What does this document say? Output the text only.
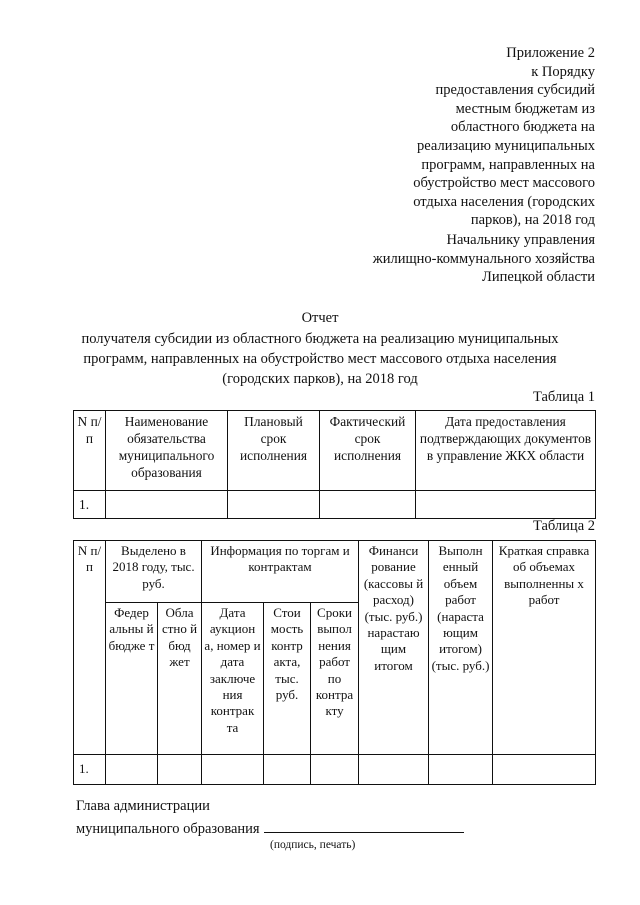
Приложение 2
к Порядку
предоставления субсидий
местным бюджетам из
областного бюджета на
реализацию муниципальных
программ, направленных на
обустройство мест массового
отдыха населения (городских
парков), на 2018 год
Начальнику управления
жилищно-коммунального хозяйства
Липецкой области
Отчет
получателя субсидии из областного бюджета на реализацию муниципальных
программ, направленных на обустройство мест массового отдыха населения
(городских парков), на 2018 год
Таблица 1
N п/п	Наименование обязательства муниципального образования	Плановый срок исполнения	Фактический срок исполнения	Дата предоставления подтверждающих документов в управление ЖКХ области
1.				
Таблица 2
N п/п	Выделено в 2018 году, тыс. руб.		Информация по торгам и контрактам			Финанси рование (кассовы й расход) (тыс. руб.) нарастаю щим итогом	Выполн енный объем работ (нараста ющим итогом) (тыс. руб.)	Краткая справка об объемах выполненны х работ
	Федер альны й бюдже т	Обла стно й бюд жет	Дата аукцион а, номер и дата заключе ния контрак та	Стои мость контр акта, тыс. руб.	Сроки выпол нения работ по контра кту			
1.								
Глава администрации
муниципального образования
(подпись, печать)
